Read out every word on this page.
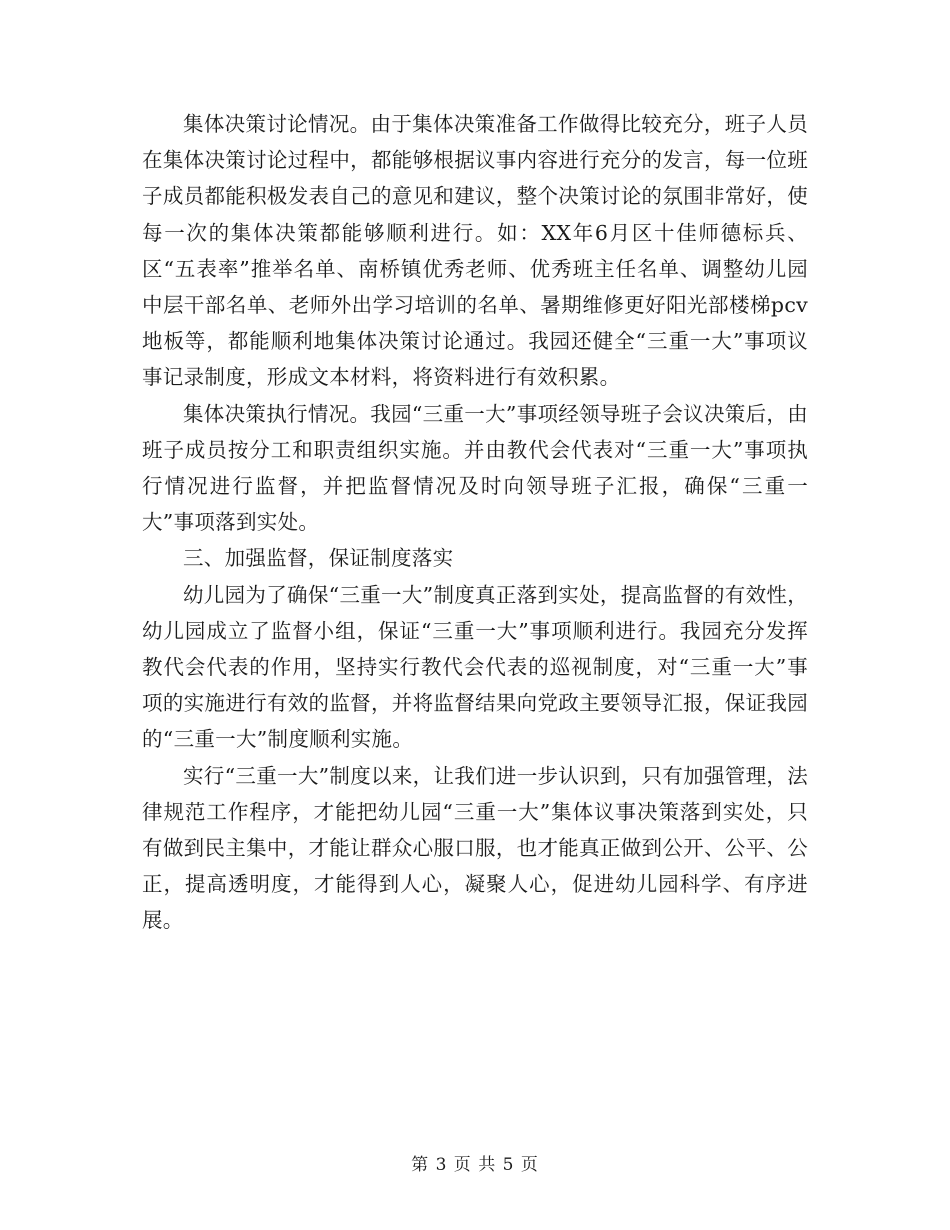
集体决策讨论情况。由于集体决策准备工作做得比较充分，班子人员在集体决策讨论过程中，都能够根据议事内容进行充分的发言，每一位班子成员都能积极发表自己的意见和建议，整个决策讨论的氛围非常好，使每一次的集体决策都能够顺利进行。如：XX年6月区十佳师德标兵、区“五表率”推举名单、南桥镇优秀老师、优秀班主任名单、调整幼儿园中层干部名单、老师外出学习培训的名单、暑期维修更好阳光部楼梯pcv地板等，都能顺利地集体决策讨论通过。我园还健全“三重一大”事项议事记录制度，形成文本材料，将资料进行有效积累。

集体决策执行情况。我园“三重一大”事项经领导班子会议决策后，由班子成员按分工和职责组织实施。并由教代会代表对“三重一大”事项执行情况进行监督，并把监督情况及时向领导班子汇报，确保“三重一大”事项落到实处。

三、加强监督，保证制度落实

幼儿园为了确保“三重一大”制度真正落到实处，提高监督的有效性，幼儿园成立了监督小组，保证“三重一大”事项顺利进行。我园充分发挥教代会代表的作用，坚持实行教代会代表的巡视制度，对“三重一大”事项的实施进行有效的监督，并将监督结果向党政主要领导汇报，保证我园的“三重一大”制度顺利实施。

实行“三重一大”制度以来，让我们进一步认识到，只有加强管理，法律规范工作程序，才能把幼儿园“三重一大”集体议事决策落到实处，只有做到民主集中，才能让群众心服口服，也才能真正做到公开、公平、公正，提高透明度，才能得到人心，凝聚人心，促进幼儿园科学、有序进展。

第 3 页 共 5 页
